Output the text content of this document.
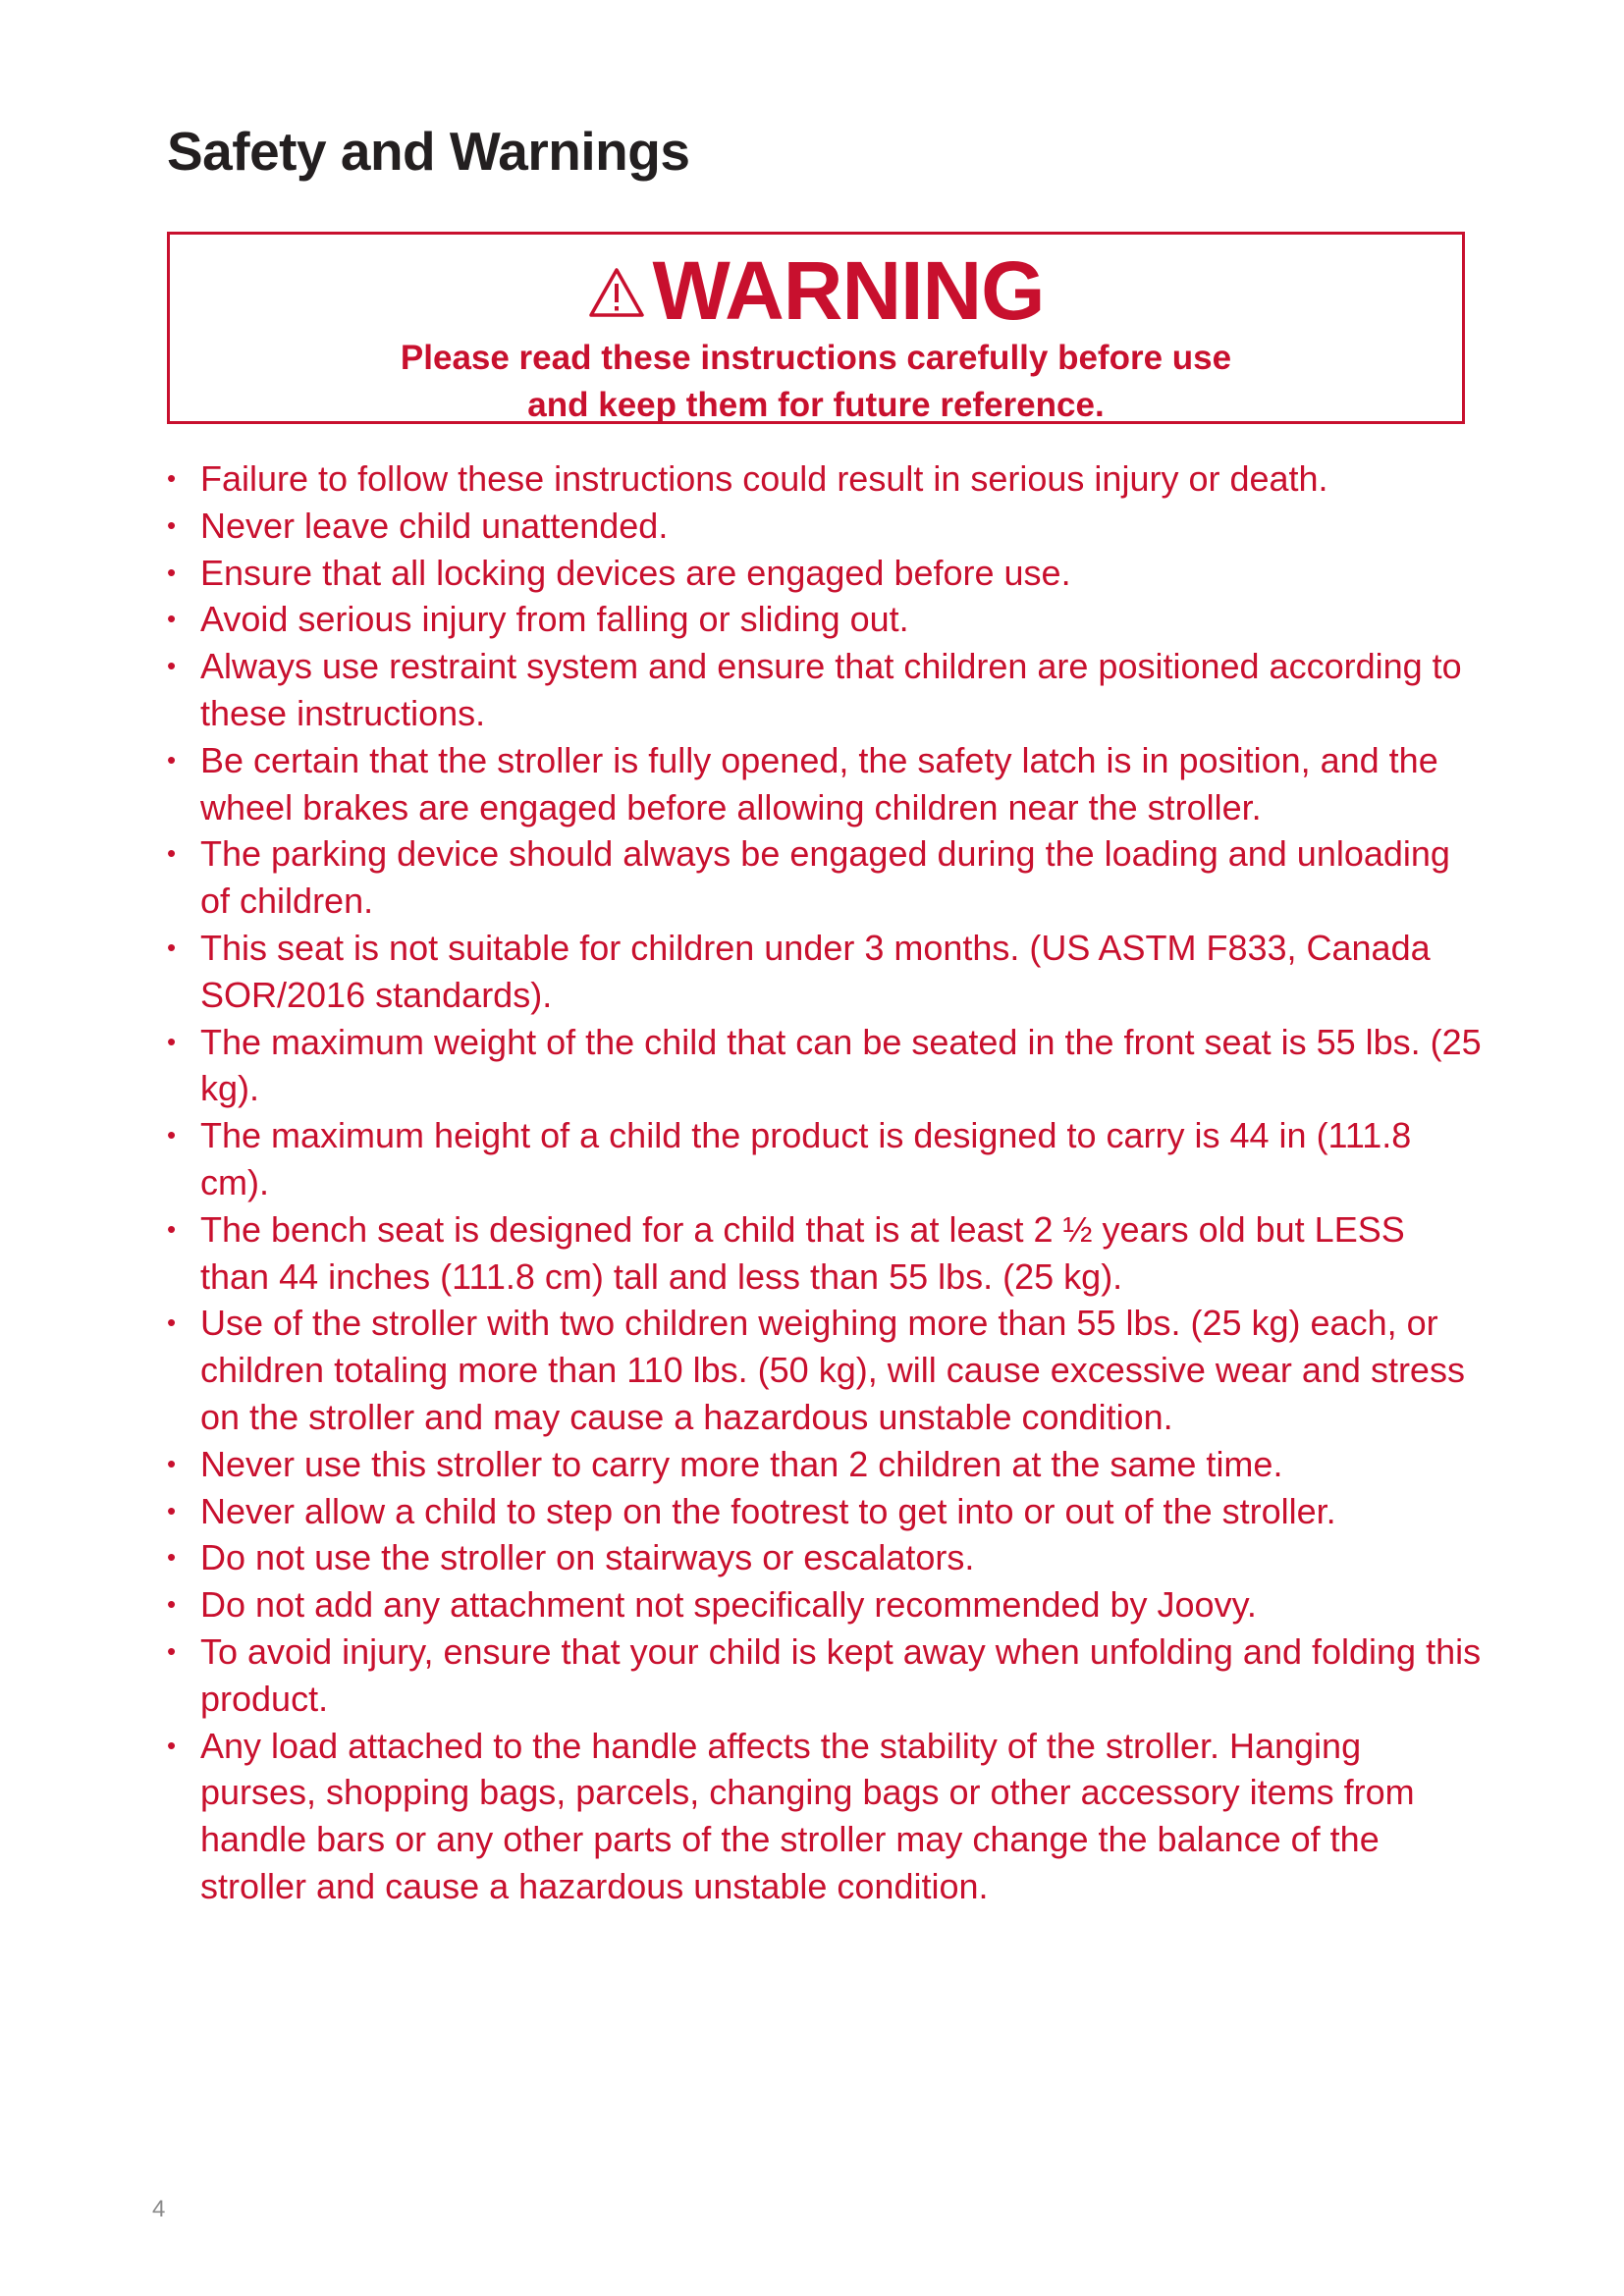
Safety and Warnings
WARNING
Please read these instructions carefully before use
and keep them for future reference.
• Failure to follow these instructions could result in serious injury or death.
• Never leave child unattended.
• Ensure that all locking devices are engaged before use.
• Avoid serious injury from falling or sliding out.
• Always use restraint system and ensure that children are positioned according to these instructions.
• Be certain that the stroller is fully opened, the safety latch is in position, and the wheel brakes are engaged before allowing children near the stroller.
• The parking device should always be engaged during the loading and unloading of children.
• This seat is not suitable for children under 3 months. (US ASTM F833, Canada SOR/2016 standards).
• The maximum weight of the child that can be seated in the front seat is 55 lbs. (25 kg).
• The maximum height of a child the product is designed to carry is 44 in (111.8 cm).
• The bench seat is designed for a child that is at least 2 ½ years old but LESS than 44 inches (111.8 cm) tall and less than 55 lbs. (25 kg).
• Use of the stroller with two children weighing more than 55 lbs. (25 kg) each, or children totaling more than 110 lbs. (50 kg), will cause excessive wear and stress on the stroller and may cause a hazardous unstable condition.
• Never use this stroller to carry more than 2 children at the same time.
• Never allow a child to step on the footrest to get into or out of the stroller.
• Do not use the stroller on stairways or escalators.
• Do not add any attachment not specifically recommended by Joovy.
• To avoid injury, ensure that your child is kept away when unfolding and folding this product.
• Any load attached to the handle affects the stability of the stroller. Hanging purses, shopping bags, parcels, changing bags or other accessory items from handle bars or any other parts of the stroller may change the balance of the stroller and cause a hazardous unstable condition.
4
